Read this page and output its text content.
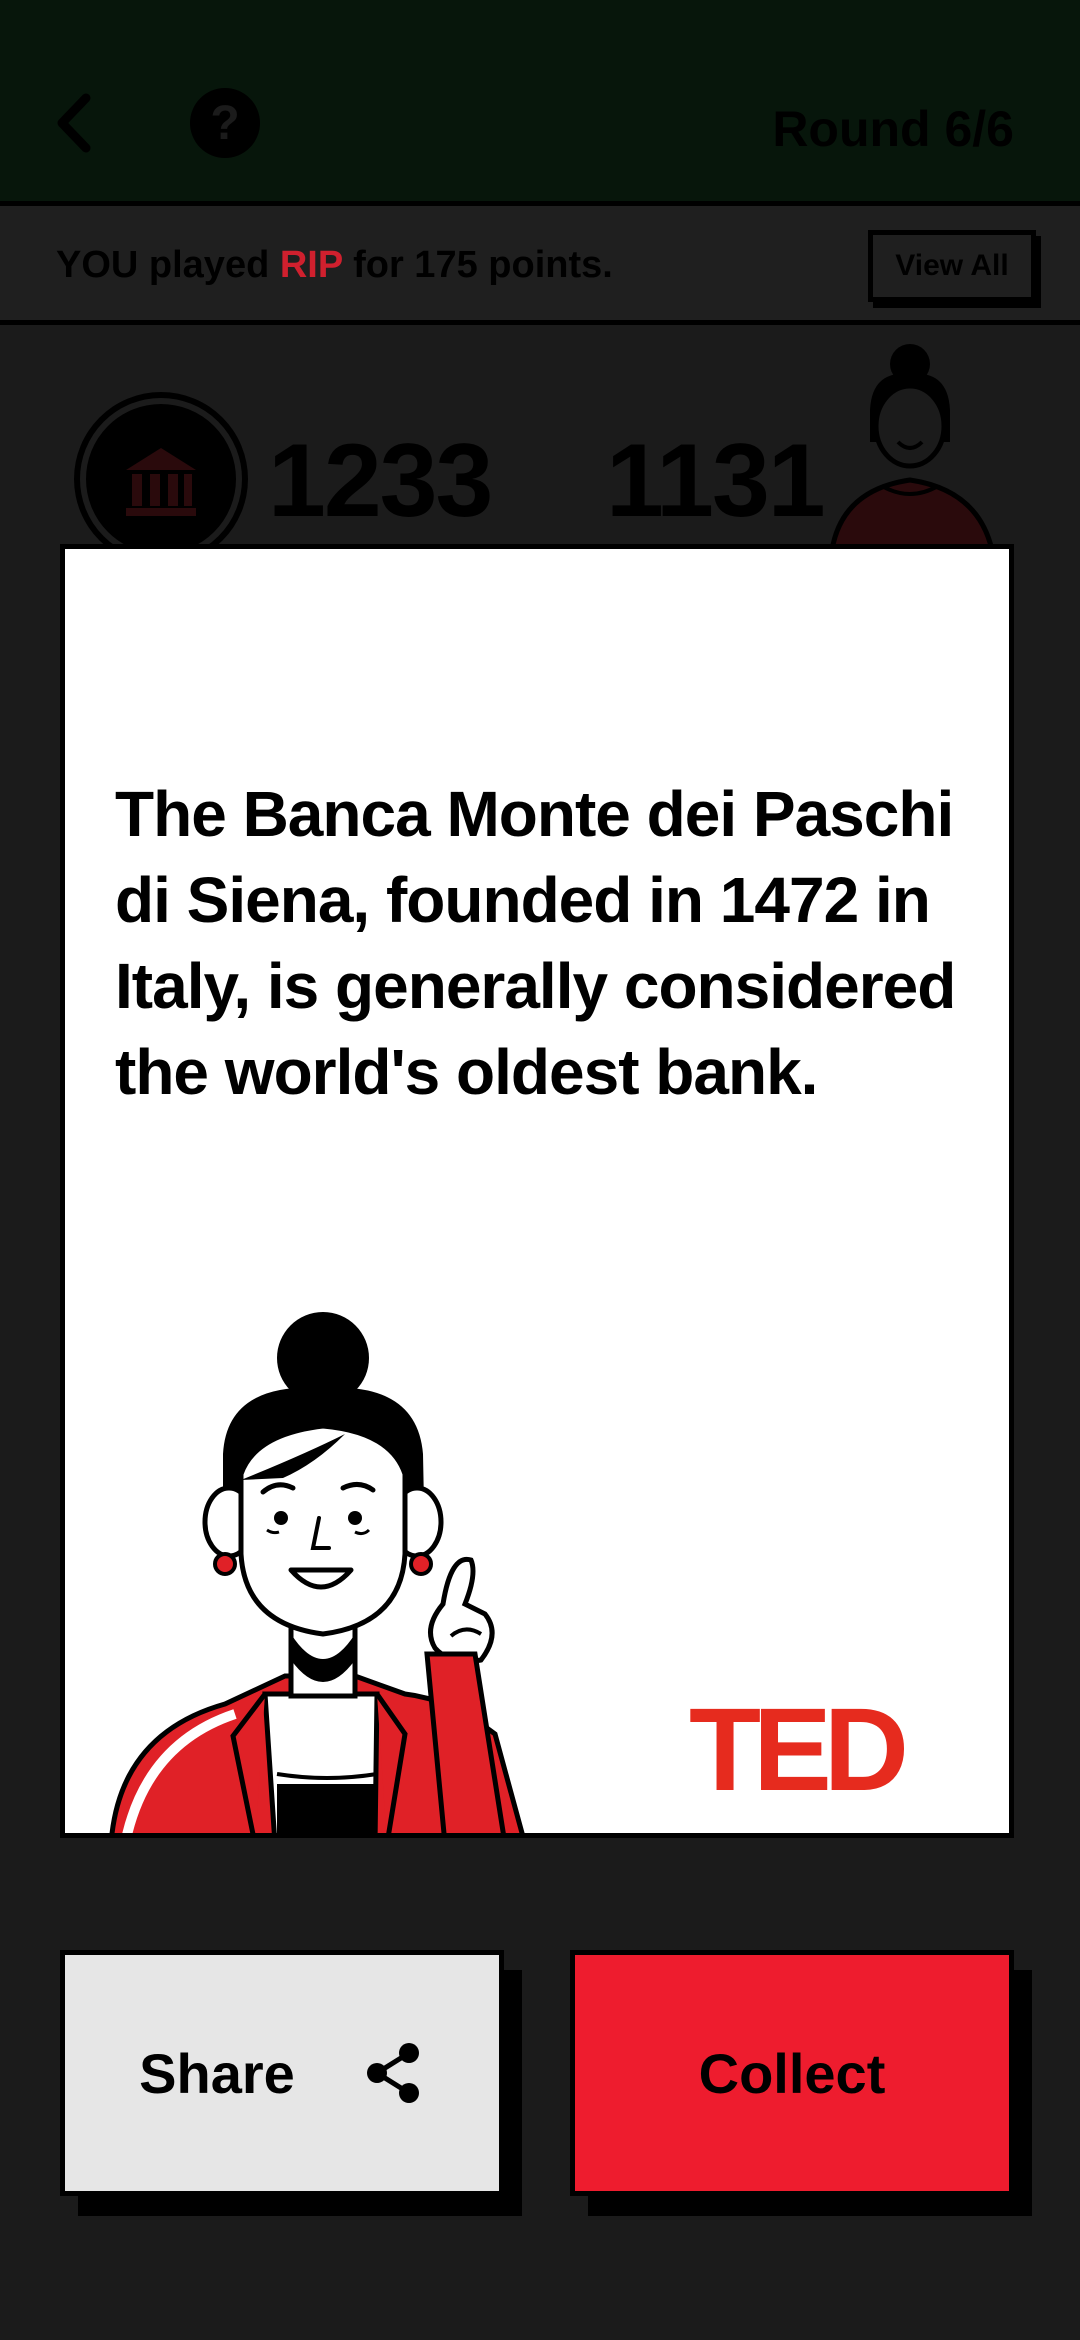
?	Round 6/6
YOU played RIP for 175 points.	View All
1233 1131
The Banca Monte dei Paschi di Siena, founded in 1472 in Italy, is generally considered the world's oldest bank.
TED
Share	Collect
